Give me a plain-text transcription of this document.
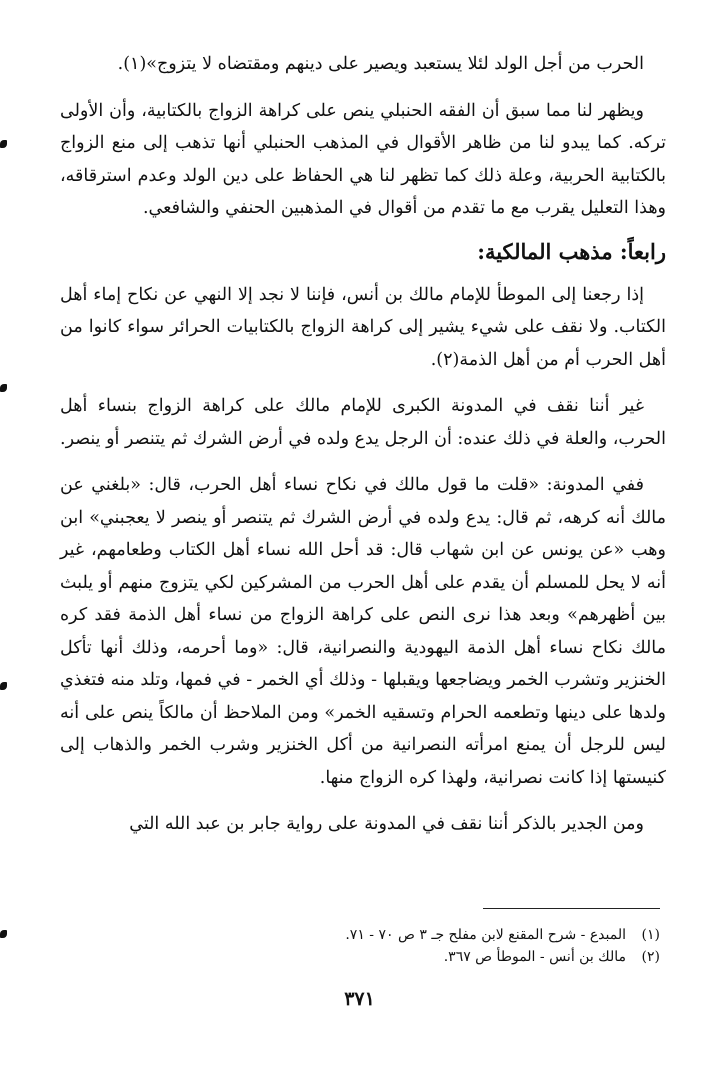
الحرب من أجل الولد لئلا يستعبد ويصير على دينهم ومقتضاه لا يتزوج»(١).

ويظهر لنا مما سبق أن الفقه الحنبلي ينص على كراهة الزواج بالكتابية، وأن الأولى تركه. كما يبدو لنا من ظاهر الأقوال في المذهب الحنبلي أنها تذهب إلى منع الزواج بالكتابية الحربية، وعلة ذلك كما تظهر لنا هي الحفاظ على دين الولد وعدم استرقاقه، وهذا التعليل يقرب مع ما تقدم من أقوال في المذهبين الحنفي والشافعي.

رابعاً: مذهب المالكية:

إذا رجعنا إلى الموطأ للإمام مالك بن أنس، فإننا لا نجد إلا النهي عن نكاح إماء أهل الكتاب. ولا نقف على شيء يشير إلى كراهة الزواج بالكتابيات الحرائر سواء كانوا من أهل الحرب أم من أهل الذمة(٢).

غير أننا نقف في المدونة الكبرى للإمام مالك على كراهة الزواج بنساء أهل الحرب، والعلة في ذلك عنده: أن الرجل يدع ولده في أرض الشرك ثم يتنصر أو ينصر.

ففي المدونة: «قلت ما قول مالك في نكاح نساء أهل الحرب، قال: «بلغني عن مالك أنه كرهه، ثم قال: يدع ولده في أرض الشرك ثم يتنصر أو ينصر لا يعجبني» ابن وهب «عن يونس عن ابن شهاب قال: قد أحل الله نساء أهل الكتاب وطعامهم، غير أنه لا يحل للمسلم أن يقدم على أهل الحرب من المشركين لكي يتزوج منهم أو يلبث بين أظهرهم» وبعد هذا نرى النص على كراهة الزواج من نساء أهل الذمة فقد كره مالك نكاح نساء أهل الذمة اليهودية والنصرانية، قال: «وما أحرمه، وذلك أنها تأكل الخنزير وتشرب الخمر ويضاجعها ويقبلها - وذلك أي الخمر - في فمها، وتلد منه فتغذي ولدها على دينها وتطعمه الحرام وتسقيه الخمر» ومن الملاحظ أن مالكاً ينص على أنه ليس للرجل أن يمنع امرأته النصرانية من أكل الخنزير وشرب الخمر والذهاب إلى كنيستها إذا كانت نصرانية، ولهذا كره الزواج منها.

ومن الجدير بالذكر أننا نقف في المدونة على رواية جابر بن عبد الله التي

(١)
المبدع - شرح المقنع لابن مفلح جـ ٣ ص ٧٠ - ٧١.
(٢)
مالك بن أنس - الموطأ ص ٣٦٧.
٣٧١
